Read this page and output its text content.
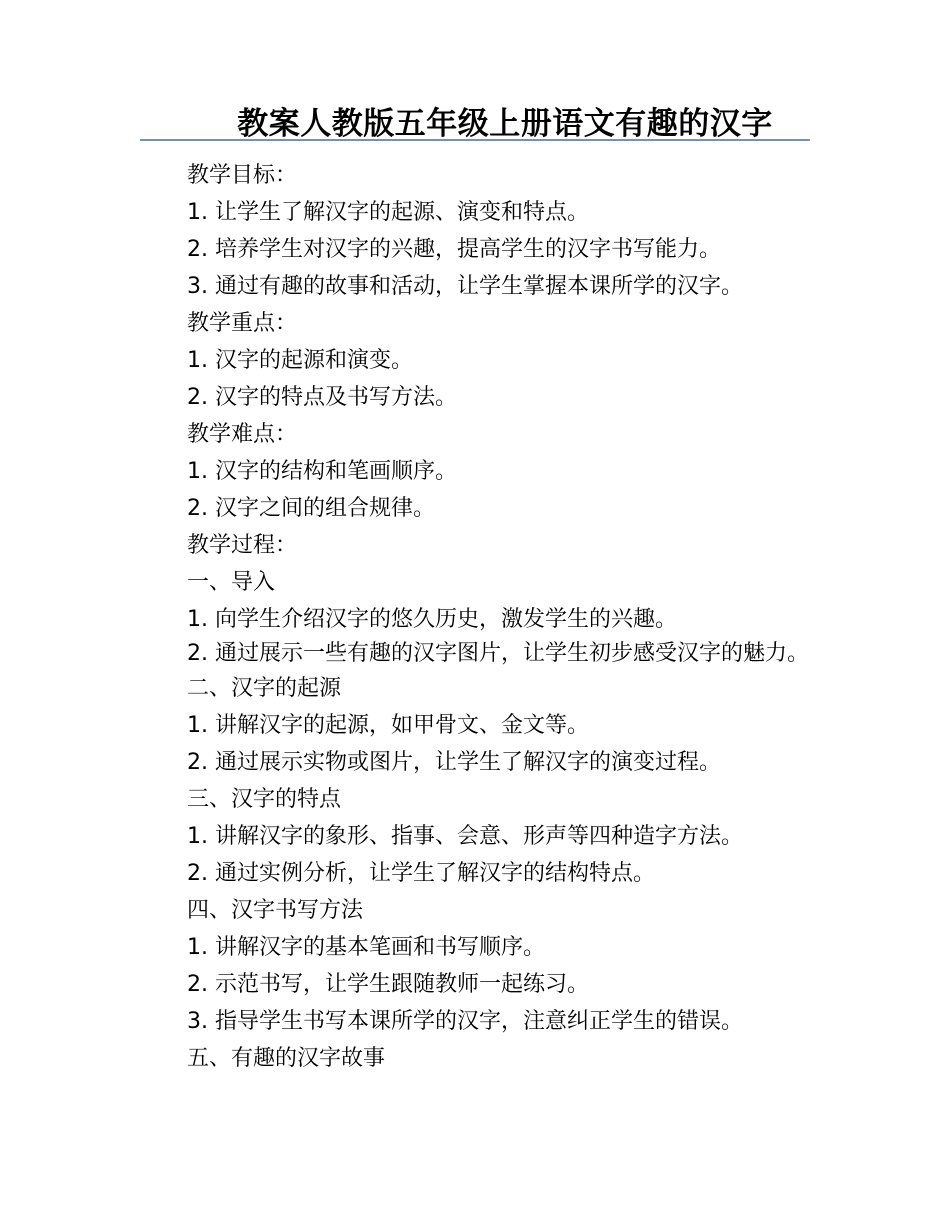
教案人教版五年级上册语文有趣的汉字
教学目标：
1. 让学生了解汉字的起源、演变和特点。
2. 培养学生对汉字的兴趣，提高学生的汉字书写能力。
3. 通过有趣的故事和活动，让学生掌握本课所学的汉字。
教学重点：
1. 汉字的起源和演变。
2. 汉字的特点及书写方法。
教学难点：
1. 汉字的结构和笔画顺序。
2. 汉字之间的组合规律。
教学过程：
一、导入
1. 向学生介绍汉字的悠久历史，激发学生的兴趣。
2. 通过展示一些有趣的汉字图片，让学生初步感受汉字的魅力。
二、汉字的起源
1. 讲解汉字的起源，如甲骨文、金文等。
2. 通过展示实物或图片，让学生了解汉字的演变过程。
三、汉字的特点
1. 讲解汉字的象形、指事、会意、形声等四种造字方法。
2. 通过实例分析，让学生了解汉字的结构特点。
四、汉字书写方法
1. 讲解汉字的基本笔画和书写顺序。
2. 示范书写，让学生跟随教师一起练习。
3. 指导学生书写本课所学的汉字，注意纠正学生的错误。
五、有趣的汉字故事
